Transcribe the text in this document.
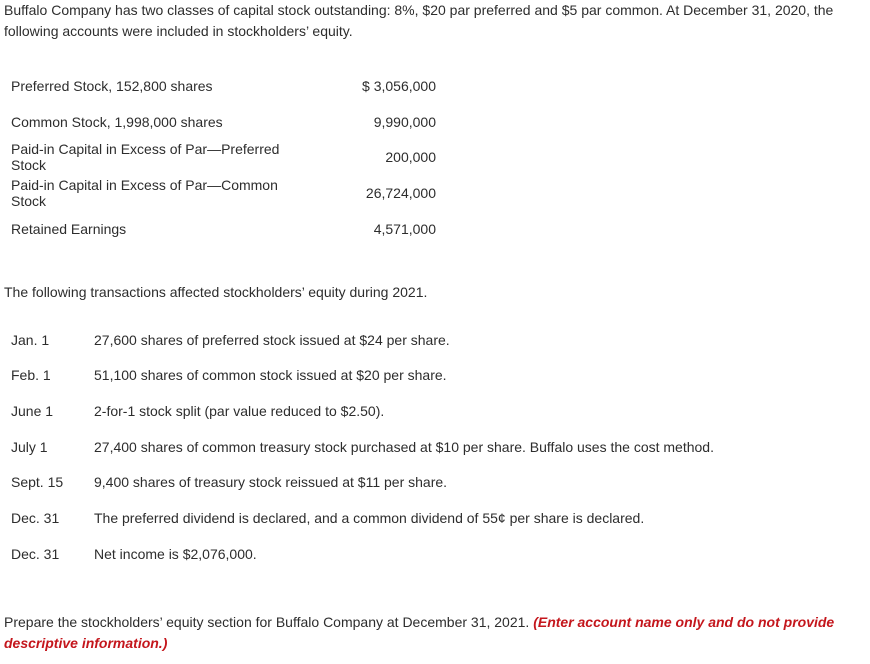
Buffalo Company has two classes of capital stock outstanding: 8%, $20 par preferred and $5 par common. At December 31, 2020, the following accounts were included in stockholders’ equity.

Preferred Stock, 152,800 shares	$ 3,056,000
Common Stock, 1,998,000 shares	9,990,000
Paid-in Capital in Excess of Par—Preferred Stock	200,000
Paid-in Capital in Excess of Par—Common Stock	26,724,000
Retained Earnings	4,571,000

The following transactions affected stockholders’ equity during 2021.

Jan. 1	27,600 shares of preferred stock issued at $24 per share.
Feb. 1	51,100 shares of common stock issued at $20 per share.
June 1	2-for-1 stock split (par value reduced to $2.50).
July 1	27,400 shares of common treasury stock purchased at $10 per share. Buffalo uses the cost method.
Sept. 15	9,400 shares of treasury stock reissued at $11 per share.
Dec. 31	The preferred dividend is declared, and a common dividend of 55¢ per share is declared.
Dec. 31	Net income is $2,076,000.

Prepare the stockholders’ equity section for Buffalo Company at December 31, 2021. (Enter account name only and do not provide descriptive information.)
